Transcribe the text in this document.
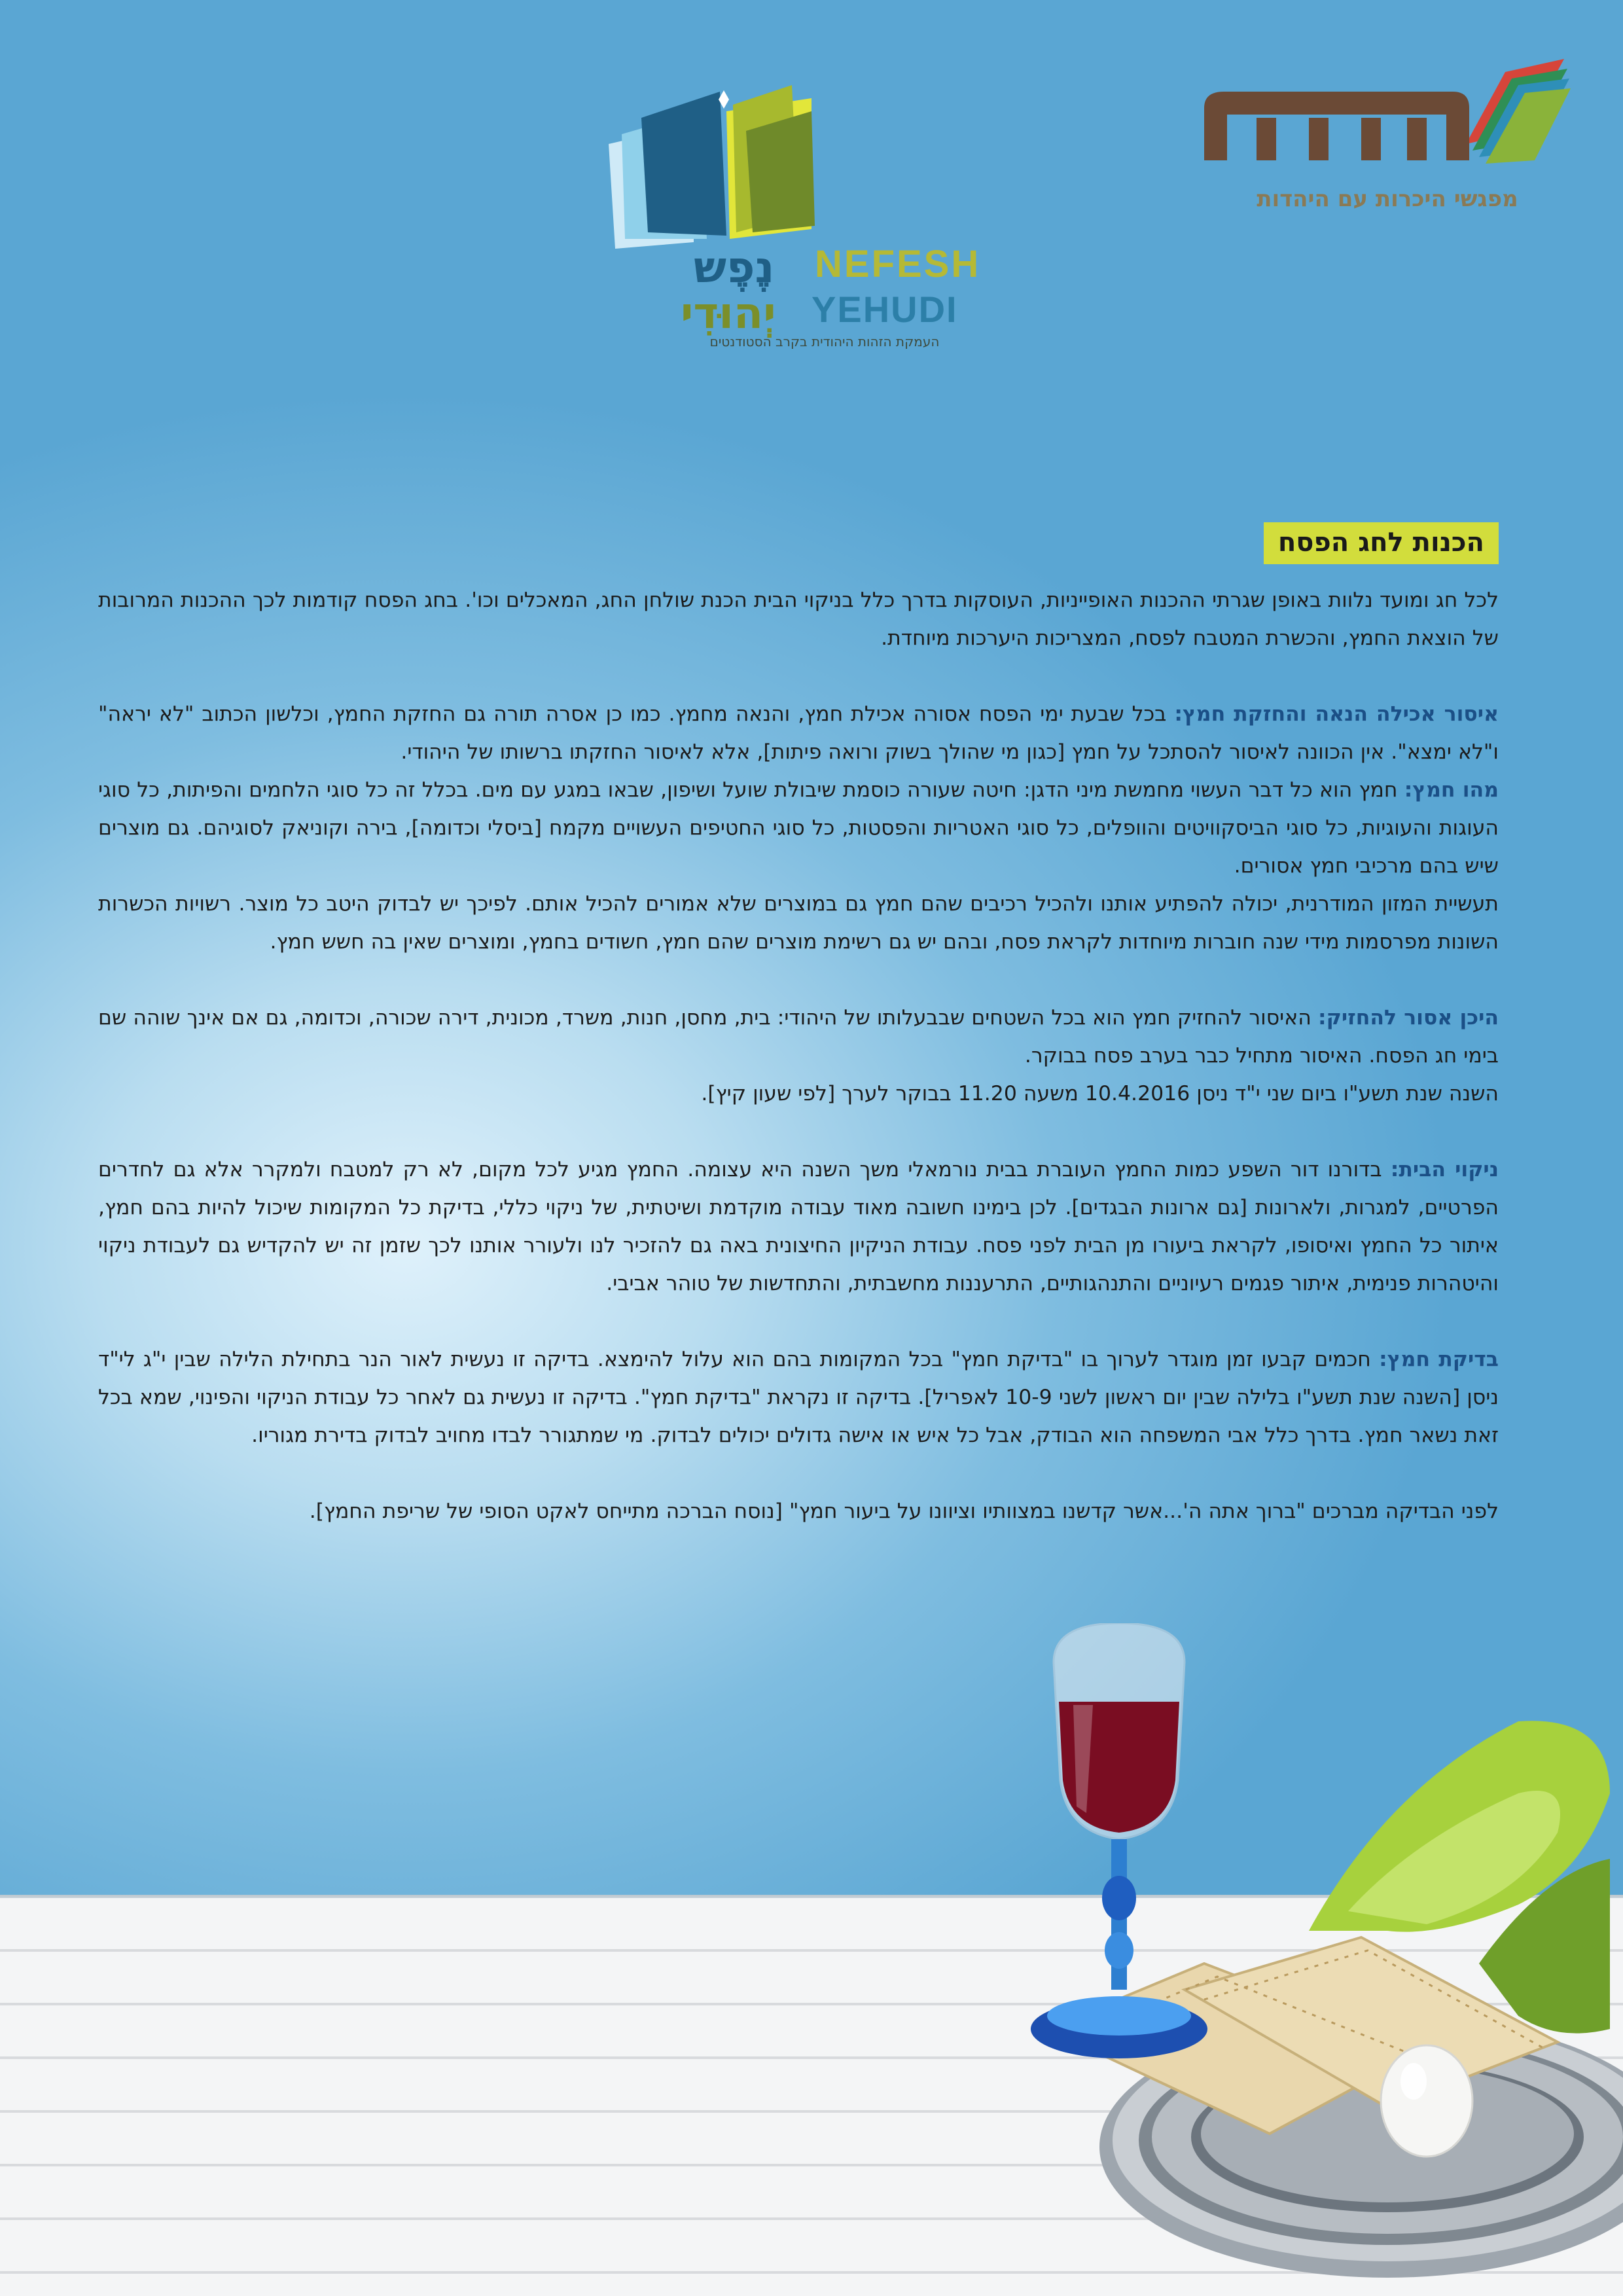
מפגשי היכרות עם היהדות
נֶפֶש NEFESH
יְהוּדִי YEHUDI
העמקת הזהות היהודית בקרב הסטודנטים
הכנות לחג הפסח

לכל חג ומועד נלוות באופן שגרתי ההכנות האופייניות, העוסקות בדרך כלל בניקוי הבית הכנת שולחן החג, המאכלים וכו'. בחג הפסח קודמות לכך ההכנות המרובות של הוצאת החמץ, והכשרת המטבח לפסח, המצריכות היערכות מיוחדת.

איסור אכילה הנאה והחזקת חמץ: בכל שבעת ימי הפסח אסורה אכילת חמץ, והנאה מחמץ. כמו כן אסרה תורה גם החזקת החמץ, וכלשון הכתוב "לא יראה" ו"לא ימצא". אין הכוונה לאיסור להסתכל על חמץ [כגון מי שהולך בשוק ורואה פיתות], אלא לאיסור החזקתו ברשותו של היהודי.

מהו חמץ: חמץ הוא כל דבר העשוי מחמשת מיני הדגן: חיטה שעורה כוסמת שיבולת שועל ושיפון, שבאו במגע עם מים. בכלל זה כל סוגי הלחמים והפיתות, כל סוגי העוגות והעוגיות, כל סוגי הביסקוויטים והוופלים, כל סוגי האטריות והפסטות, כל סוגי החטיפים העשויים מקמח [ביסלי וכדומה], בירה וקוניאק לסוגיהם. גם מוצרים שיש בהם מרכיבי חמץ אסורים.

תעשיית המזון המודרנית, יכולה להפתיע אותנו ולהכיל רכיבים שהם חמץ גם במוצרים שלא אמורים להכיל אותם. לפיכך יש לבדוק היטב כל מוצר. רשויות הכשרות השונות מפרסמות מידי שנה חוברות מיוחדות לקראת פסח, ובהם יש גם רשימת מוצרים שהם חמץ, חשודים בחמץ, ומוצרים שאין בה חשש חמץ.

היכן אסור להחזיק: האיסור להחזיק חמץ הוא בכל השטחים שבבעלותו של היהודי: בית, מחסן, חנות, משרד, מכונית, דירה שכורה, וכדומה, גם אם אינך שוהה שם בימי חג הפסח. האיסור מתחיל כבר בערב פסח בבוקר.

השנה שנת תשע"ו ביום שני י"ד ניסן 10.4.2016 משעה 11.20 בבוקר לערך [לפי שעון קיץ].

ניקוי הבית: בדורנו דור השפע כמות החמץ העוברת בבית נורמאלי משך השנה היא עצומה. החמץ מגיע לכל מקום, לא רק למטבח ולמקרר אלא גם לחדרים הפרטיים, למגרות, ולארונות [גם ארונות הבגדים]. לכן בימינו חשובה מאוד עבודה מוקדמת ושיטתית, של ניקוי כללי, בדיקת כל המקומות שיכול להיות בהם חמץ, איתור כל החמץ ואיסופו, לקראת ביעורו מן הבית לפני פסח. עבודת הניקיון החיצונית באה גם להזכיר לנו ולעורר אותנו לכך שזמן זה יש להקדיש גם לעבודת ניקוי והיטהרות פנימית, איתור פגמים רעיוניים והתנהגותיים, התרעננות מחשבתית, והתחדשות של טוהר אביבי.

בדיקת חמץ: חכמים קבעו זמן מוגדר לערוך בו "בדיקת חמץ" בכל המקומות בהם הוא עלול להימצא. בדיקה זו נעשית לאור הנר בתחילת הלילה שבין י"ג לי"ד ניסן [השנה שנת תשע"ו בלילה שבין יום ראשון לשני 10-9 לאפריל]. בדיקה זו נקראת "בדיקת חמץ". בדיקה זו נעשית גם לאחר כל עבודת הניקוי והפינוי, שמא בכל זאת נשאר חמץ. בדרך כלל אבי המשפחה הוא הבודק, אבל כל איש או אישה גדולים יכולים לבדוק. מי שמתגורר לבדו מחויב לבדוק בדירת מגוריו.

לפני הבדיקה מברכים "ברוך אתה ה'...אשר קדשנו במצוותיו וציוונו על ביעור חמץ" [נוסח הברכה מתייחס לאקט הסופי של שריפת החמץ].
